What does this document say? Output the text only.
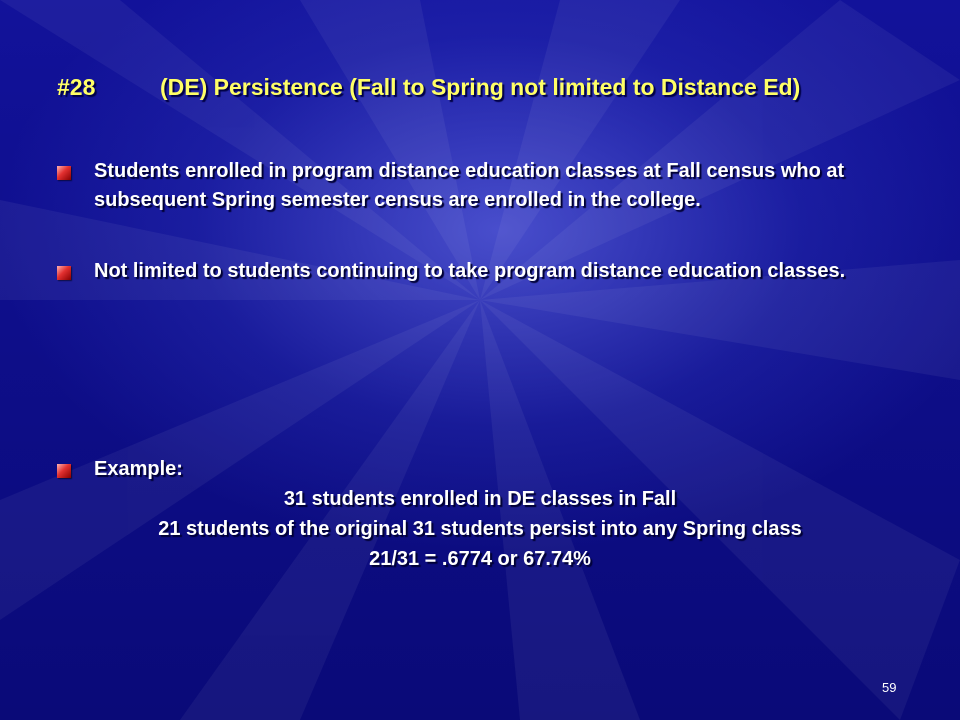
#28	(DE) Persistence (Fall to Spring not limited to Distance Ed)
Students enrolled in program distance education classes at Fall census who at subsequent Spring semester census are enrolled in the college.
Not limited to students continuing to take program distance education classes.
Example:
31 students enrolled in DE classes in Fall
21 students of the original 31 students persist into any Spring class
21/31 = .6774 or 67.74%
59
